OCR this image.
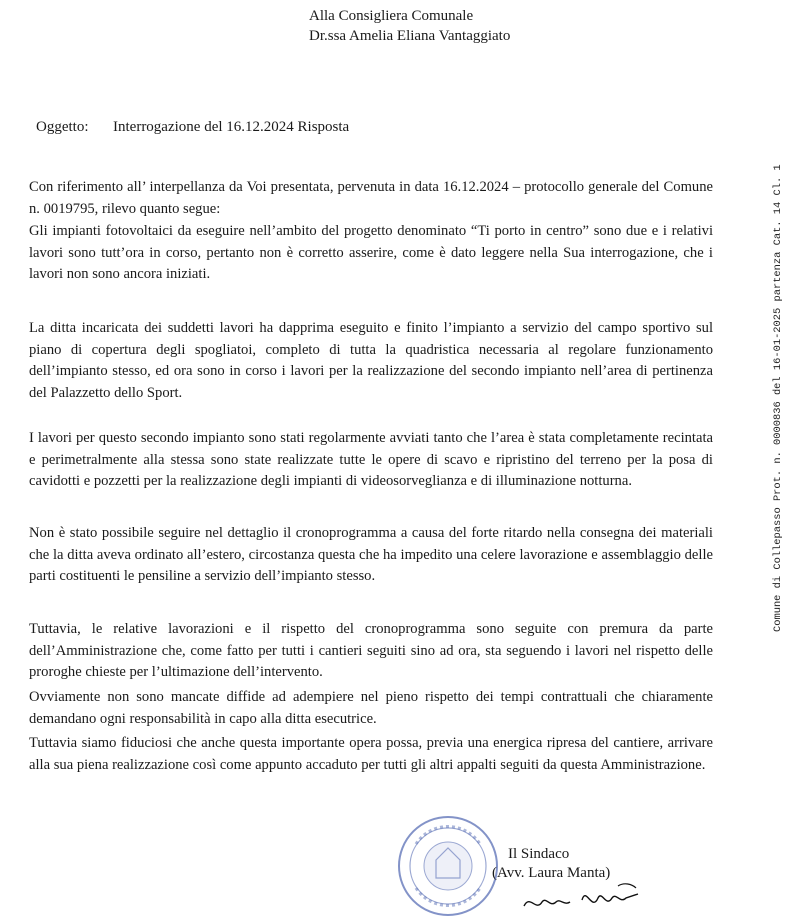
Alla Consigliera Comunale
Dr.ssa Amelia Eliana Vantaggiato
Oggetto: Interrogazione del 16.12.2024 Risposta
Con riferimento all’ interpellanza da Voi presentata, pervenuta in data 16.12.2024 – protocollo generale del Comune n. 0019795, rilevo quanto segue:
Gli impianti fotovoltaici da eseguire nell’ambito del progetto denominato “Ti porto in centro” sono due e i relativi lavori sono tutt’ora in corso, pertanto non è corretto asserire, come è dato leggere nella Sua interrogazione, che i lavori non sono ancora iniziati.
La ditta incaricata dei suddetti lavori ha dapprima eseguito e finito l’impianto a servizio del campo sportivo sul piano di copertura degli spogliatoi, completo di tutta la quadristica necessaria al regolare funzionamento dell’impianto stesso, ed ora sono in corso i lavori per la realizzazione del secondo impianto nell’area di pertinenza del Palazzetto dello Sport.
I lavori per questo secondo impianto sono stati regolarmente avviati tanto che l’area è stata completamente recintata e perimetralmente alla stessa sono state realizzate tutte le opere di scavo e ripristino del terreno per la posa di cavidotti e pozzetti per la realizzazione degli impianti di videosorveglianza e di illuminazione notturna.
Non è stato possibile seguire nel dettaglio il cronoprogramma a causa del forte ritardo nella consegna dei materiali che la ditta aveva ordinato all’estero, circostanza questa che ha impedito una celere lavorazione e assemblaggio delle parti costituenti le pensiline a servizio dell’impianto stesso.
Tuttavia, le relative lavorazioni e il rispetto del cronoprogramma sono seguite con premura da parte dell’Amministrazione che, come fatto per tutti i cantieri seguiti sino ad ora, sta seguendo i lavori nel rispetto delle proroghe chieste per l’ultimazione dell’intervento.
Ovviamente non sono mancate diffide ad adempiere nel pieno rispetto dei tempi contrattuali che chiaramente demandano ogni responsabilità in capo alla ditta esecutrice.
Tuttavia siamo fiduciosi che anche questa importante opera possa, previa una energica ripresa del cantiere, arrivare alla sua piena realizzazione così come appunto accaduto per tutti gli altri appalti seguiti da questa Amministrazione.
Comune di Collepasso Prot. n. 0000836 del 16-01-2025 partenza Cat. 14 Cl. 1
Il Sindaco
(Avv. Laura Manta)
